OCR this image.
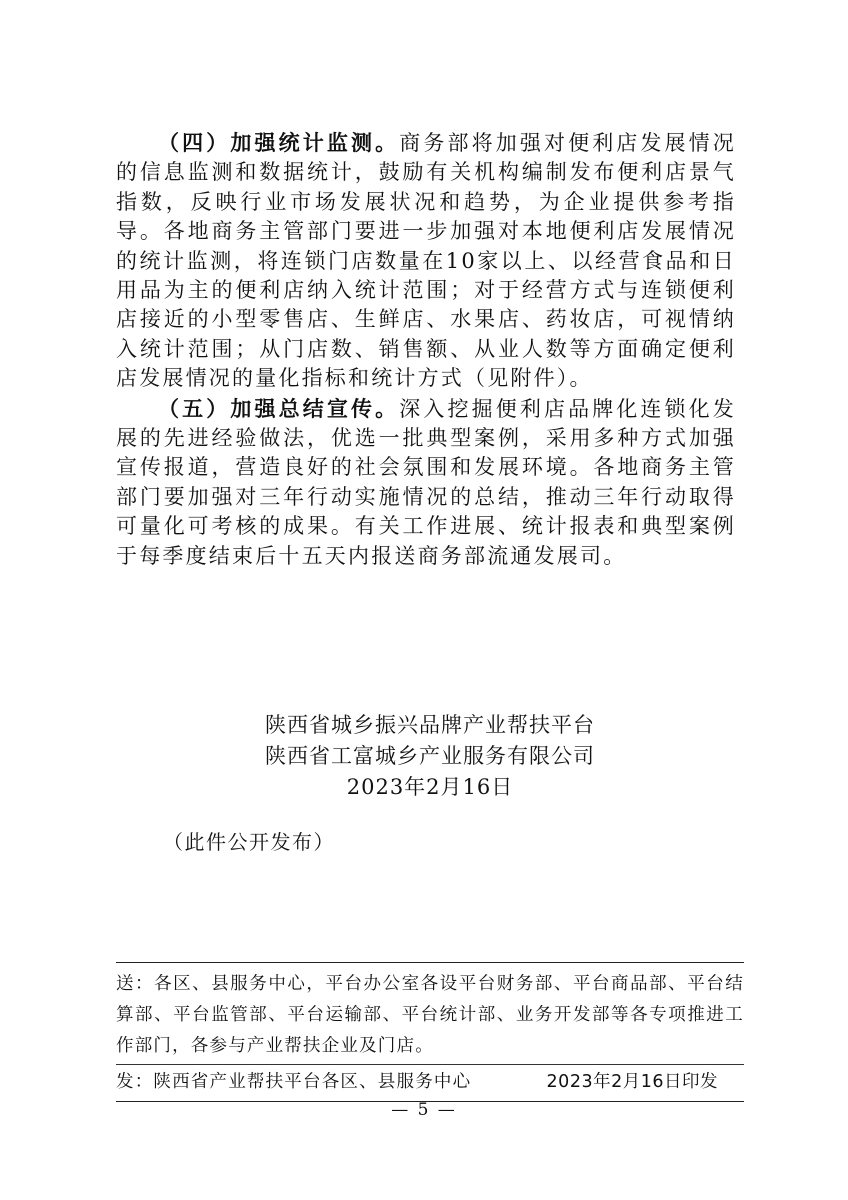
（四）加强统计监测。商务部将加强对便利店发展情况的信息监测和数据统计，鼓励有关机构编制发布便利店景气指数，反映行业市场发展状况和趋势，为企业提供参考指导。各地商务主管部门要进一步加强对本地便利店发展情况的统计监测，将连锁门店数量在10家以上、以经营食品和日用品为主的便利店纳入统计范围；对于经营方式与连锁便利店接近的小型零售店、生鲜店、水果店、药妆店，可视情纳入统计范围；从门店数、销售额、从业人数等方面确定便利店发展情况的量化指标和统计方式（见附件）。

（五）加强总结宣传。深入挖掘便利店品牌化连锁化发展的先进经验做法，优选一批典型案例，采用多种方式加强宣传报道，营造良好的社会氛围和发展环境。各地商务主管部门要加强对三年行动实施情况的总结，推动三年行动取得可量化可考核的成果。有关工作进展、统计报表和典型案例于每季度结束后十五天内报送商务部流通发展司。

陕西省城乡振兴品牌产业帮扶平台
陕西省工富城乡产业服务有限公司
2023年2月16日
（此件公开发布）

送：各区、县服务中心，平台办公室各设平台财务部、平台商品部、平台结算部、平台监管部、平台运输部、平台统计部、业务开发部等各专项推进工作部门，各参与产业帮扶企业及门店。

发：陕西省产业帮扶平台各区、县服务中心	2023年2月16日印发
— 5 —
